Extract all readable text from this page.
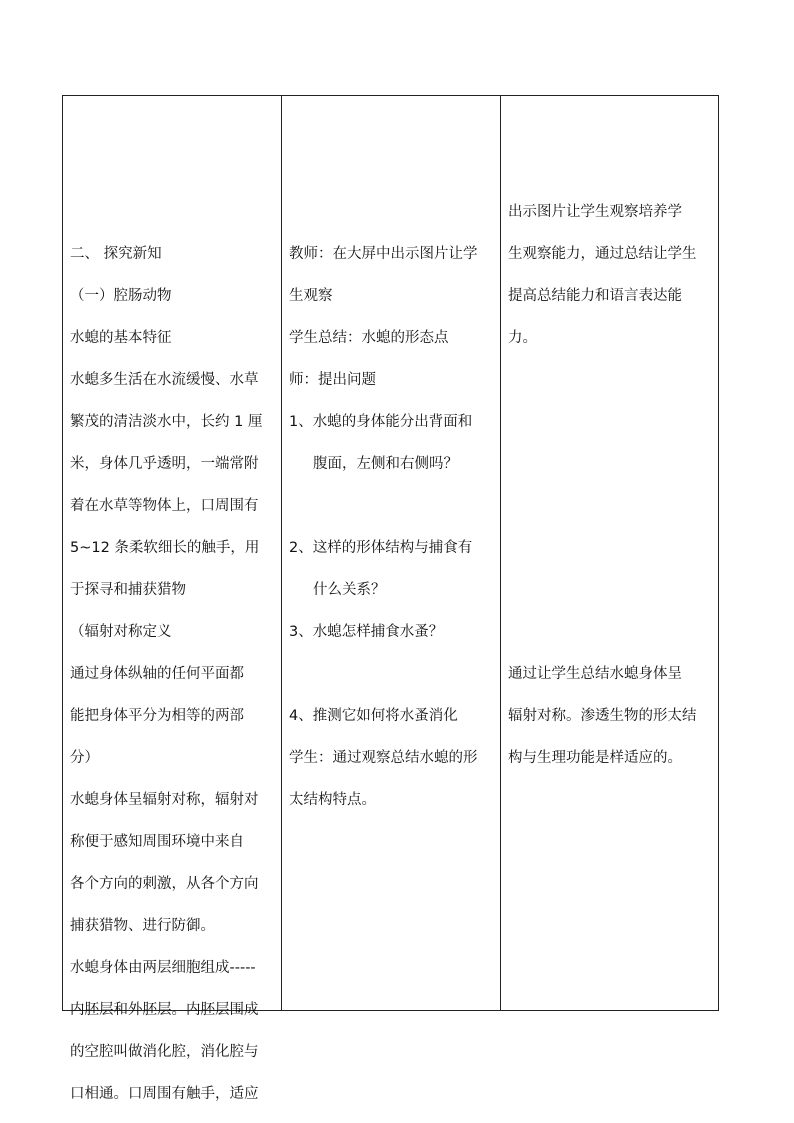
二、 探究新知
（一）腔肠动物
水螅的基本特征
水螅多生活在水流缓慢、水草
繁茂的清洁淡水中，长约 1 厘
米，身体几乎透明，一端常附
着在水草等物体上，口周围有
5~12 条柔软细长的触手，用
于探寻和捕获猎物
（辐射对称定义
通过身体纵轴的任何平面都
能把身体平分为相等的两部
分）
水螅身体呈辐射对称，辐射对
称便于感知周围环境中来自
各个方向的刺激，从各个方向
捕获猎物、进行防御。
水螅身体由两层细胞组成-----
内胚层和外胚层。内胚层围成
的空腔叫做消化腔，消化腔与
口相通。口周围有触手，适应
教师：在大屏中出示图片让学
生观察
学生总结：水螅的形态点
师：提出问题
1、水螅的身体能分出背面和
腹面，左侧和右侧吗？
2、这样的形体结构与捕食有
什么关系？
3、水螅怎样捕食水蚤？
4、推测它如何将水蚤消化
学生：通过观察总结水螅的形
太结构特点。
出示图片让学生观察培养学
生观察能力，通过总结让学生
提高总结能力和语言表达能
力。
通过让学生总结水螅身体呈
辐射对称。渗透生物的形太结
构与生理功能是样适应的。
